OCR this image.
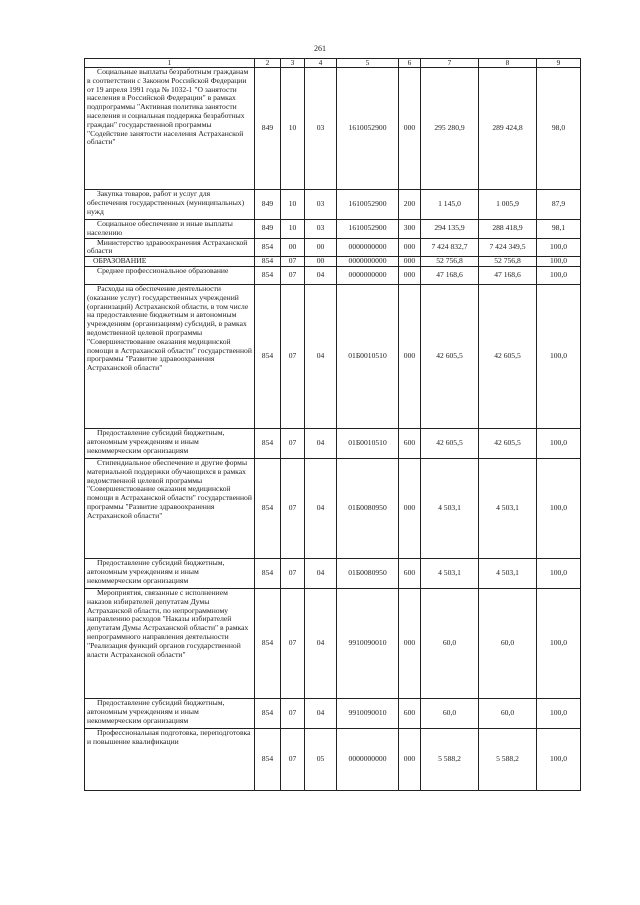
261
1	2	3	4	5	6	7	8	9
Социальные выплаты безработным гражданам в соответствии с Законом Российской Федерации от 19 апреля 1991 года № 1032-1 "О занятости населения в Российской Федерации" в рамках подпрограммы "Активная политика занятости населения и социальная поддержка безработных граждан" государственной программы "Содействие занятости населения Астраханской области"	849	10	03	1610052900	000	295 280,9	289 424,8	98,0
Закупка товаров, работ и услуг для обеспечения государственных (муниципальных) нужд	849	10	03	1610052900	200	1 145,0	1 005,9	87,9
Социальное обеспечение и иные выплаты населению	849	10	03	1610052900	300	294 135,9	288 418,9	98,1
Министерство здравоохранения Астраханской области	854	00	00	0000000000	000	7 424 832,7	7 424 349,5	100,0
ОБРАЗОВАНИЕ	854	07	00	0000000000	000	52 756,8	52 756,8	100,0
Среднее профессиональное образование	854	07	04	0000000000	000	47 168,6	47 168,6	100,0
Расходы на обеспечение деятельности (оказание услуг) государственных учреждений (организаций) Астраханской области, в том числе на предоставление бюджетным и автономным учреждениям (организациям) субсидий, в рамках ведомственной целевой программы "Совершенствование оказания медицинской помощи в Астраханской области" государственной программы "Развитие здравоохранения Астраханской области"	854	07	04	01Б0010510	000	42 605,5	42 605,5	100,0
Предоставление субсидий бюджетным, автономным учреждениям и иным некоммерческим организациям	854	07	04	01Б0010510	600	42 605,5	42 605,5	100,0
Стипендиальное обеспечение и другие формы материальной поддержки обучающихся в рамках ведомственной целевой программы "Совершенствование оказания медицинской помощи в Астраханской области" государственной программы "Развитие здравоохранения Астраханской области"	854	07	04	01Б0080950	000	4 503,1	4 503,1	100,0
Предоставление субсидий бюджетным, автономным учреждениям и иным некоммерческим организациям	854	07	04	01Б0080950	600	4 503,1	4 503,1	100,0
Мероприятия, связанные с исполнением наказов избирателей депутатам Думы Астраханской области, по непрограммному направлению расходов "Наказы избирателей депутатам Думы Астраханской области" в рамках непрограммного направления деятельности "Реализация функций органов государственной власти Астраханской области"	854	07	04	9910090010	000	60,0	60,0	100,0
Предоставление субсидий бюджетным, автономным учреждениям и иным некоммерческим организациям	854	07	04	9910090010	600	60,0	60,0	100,0
Профессиональная подготовка, переподготовка и повышение квалификации	854	07	05	0000000000	000	5 588,2	5 588,2	100,0
